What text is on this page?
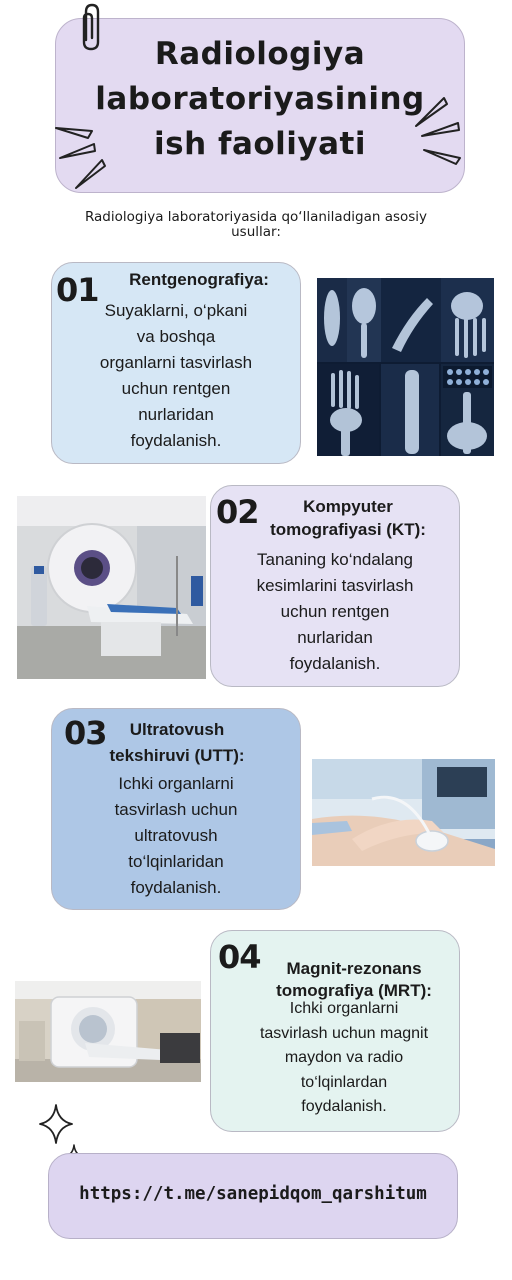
Radiologiya
laboratoriyasining
ish faoliyati
Radiologiya laboratoriyasida qo‘llaniladigan asosiy
usullar:
01	Rentgenografiya:
Suyaklarni, o‘pkani
va boshqa
organlarni tasvirlash
uchun rentgen
nurlaridan
foydalanish.
02	Kompyuter
tomografiyasi (KT):
Tananing ko‘ndalang
kesimlarini tasvirlash
uchun rentgen
nurlaridan
foydalanish.
03	Ultratovush
tekshiruvi (UTT):
Ichki organlarni
tasvirlash uchun
ultratovush
to‘lqinlaridan
foydalanish.
04	Magnit-rezonans
tomografiya (MRT):
Ichki organlarni
tasvirlash uchun magnit
maydon va radio
to‘lqinlardan
foydalanish.
https://t.me/sanepidqom_qarshitum
